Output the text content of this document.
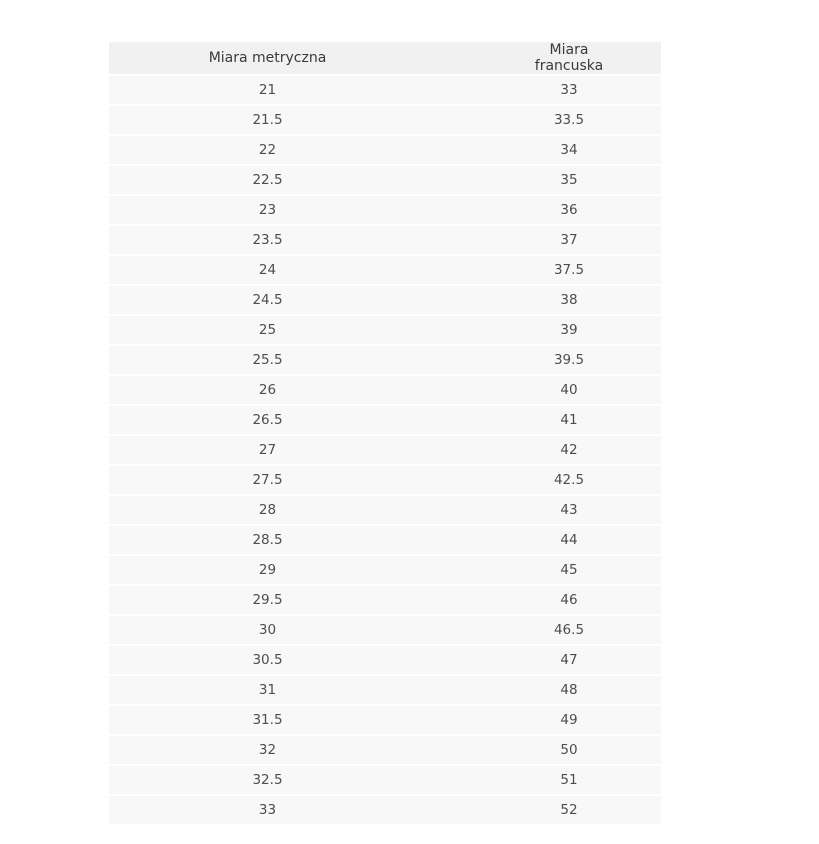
Miara metryczna	Miara francuska

21	33

21.5	33.5

22	34

22.5	35

23	36

23.5	37

24	37.5

24.5	38

25	39

25.5	39.5

26	40

26.5	41

27	42

27.5	42.5

28	43

28.5	44

29	45

29.5	46

30	46.5

30.5	47

31	48

31.5	49

32	50

32.5	51

33	52
